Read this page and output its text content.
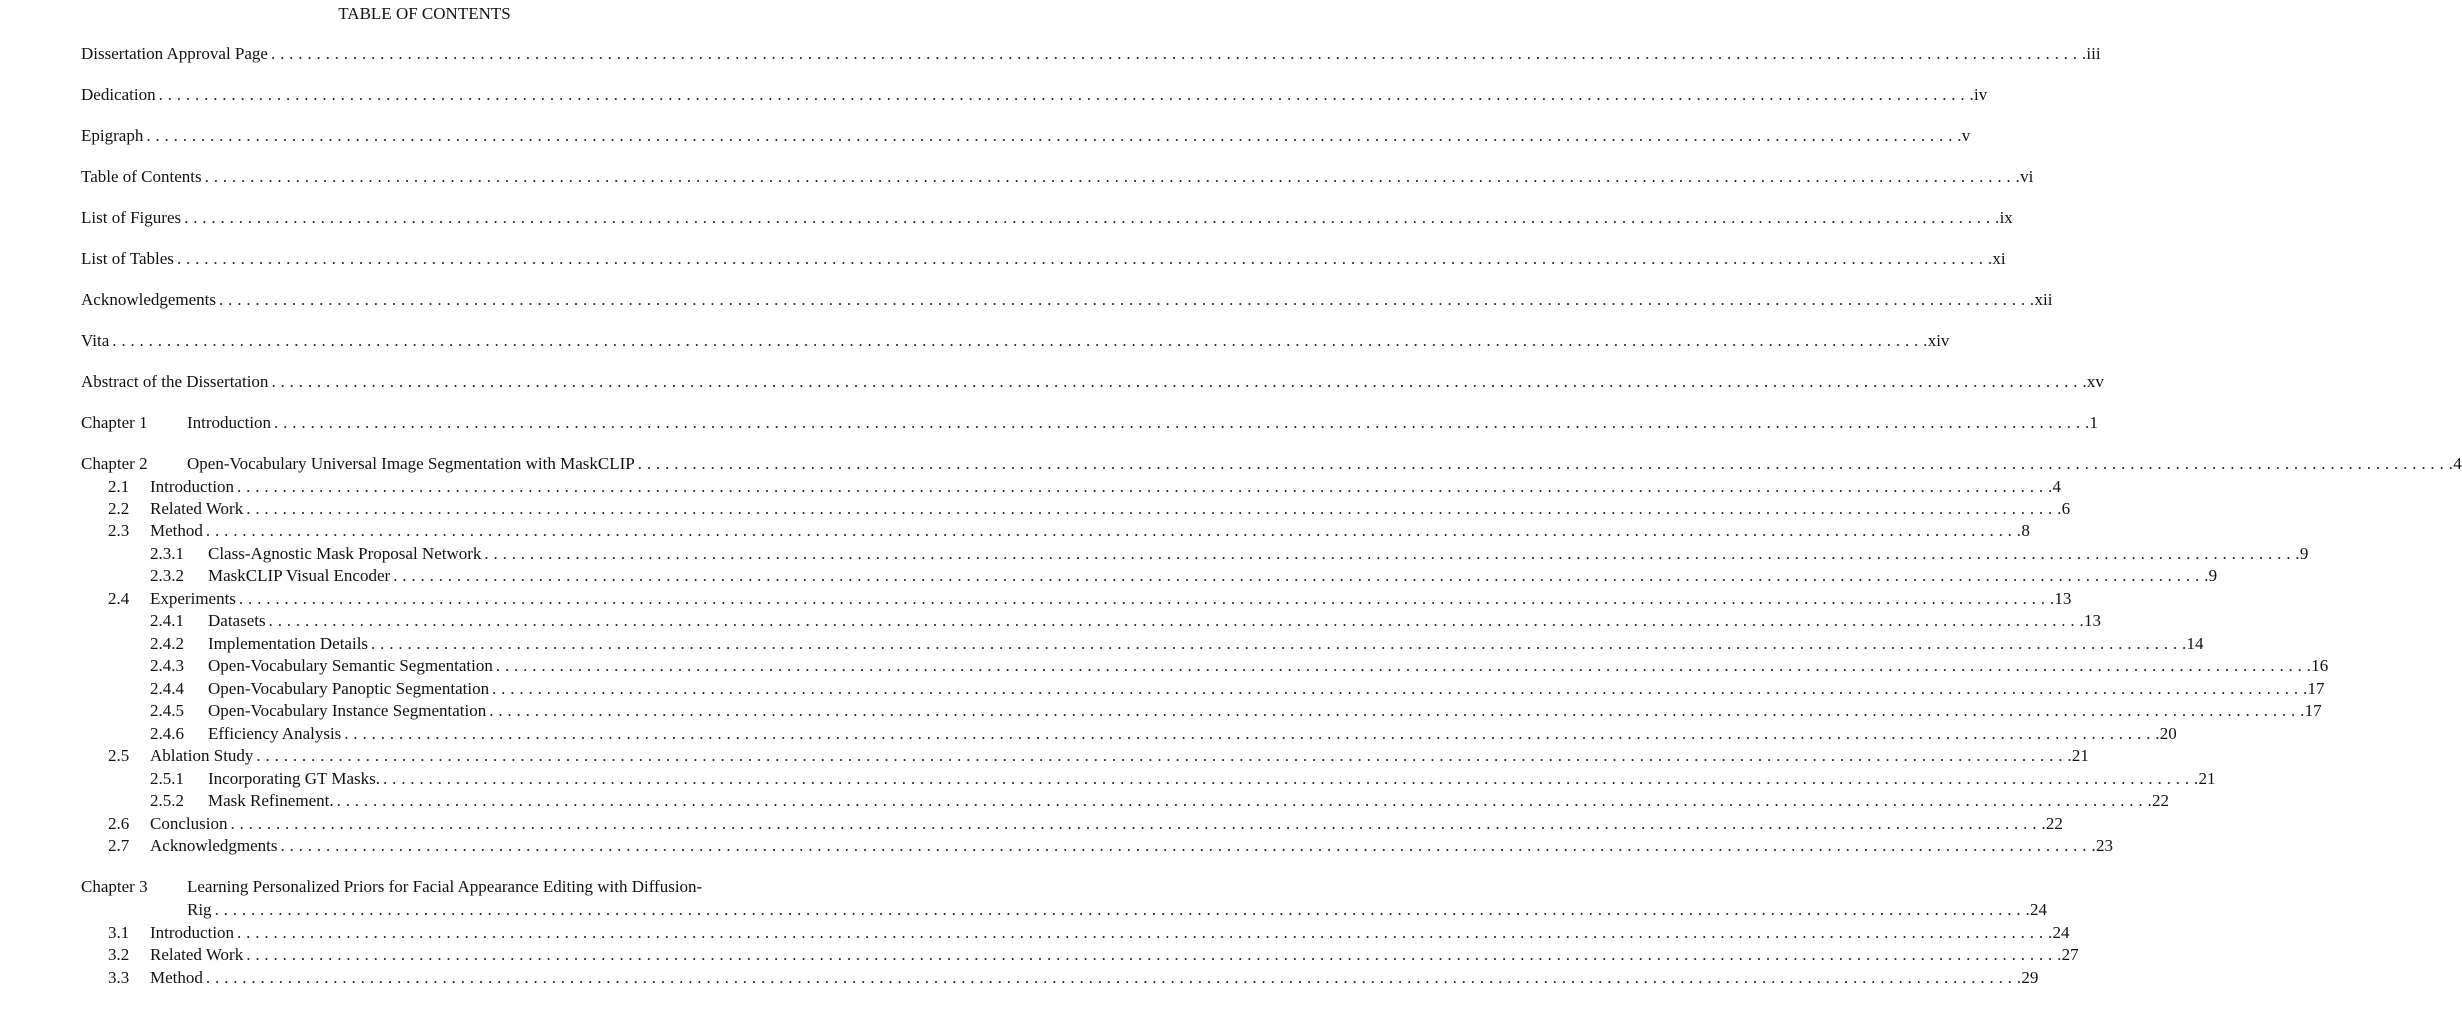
TABLE OF CONTENTS
Dissertation Approval Page . . . . . . . . . . . . . . . . . . . . . . . . . . . . . . . . . . . . . . . . . . . . . . . . . . . . . . . . . . . . . . . . . . . . . . . . . . . . . . . . . . . . . . . . . . . . . . . . . . . . . . . . . . . . . . . . . . . . . . . . . . . . . . . . . . . . . . . . . . . . . . . . . . . . . . . . . . . . . . . . . . . . . . . . . . . . . . . . . . . . . . . . . . . . . . . . . . . . . . . . iii
Dedication . . . . . . . . . . . . . . . . . . . . . . . . . . . . . . . . . . . . . . . . . . . . . . . . . . . . . . . . . . . . . . . . . . . . . . . . . . . . . . . . . . . . . . . . . . . . . . . . . . . . . . . . . . . . . . . . . . . . . . . . . . . . . . . . . . . . . . . . . . . . . . . . . . . . . . . . . . . . . . . . . . . . . . . . . . . . . . . . . . . . . . . . . . . . . . . . . . . . . . . . iv
Epigraph . . . . . . . . . . . . . . . . . . . . . . . . . . . . . . . . . . . . . . . . . . . . . . . . . . . . . . . . . . . . . . . . . . . . . . . . . . . . . . . . . . . . . . . . . . . . . . . . . . . . . . . . . . . . . . . . . . . . . . . . . . . . . . . . . . . . . . . . . . . . . . . . . . . . . . . . . . . . . . . . . . . . . . . . . . . . . . . . . . . . . . . . . . . . . . . . . . . . . . . . v
Table of Contents . . . . . . . . . . . . . . . . . . . . . . . . . . . . . . . . . . . . . . . . . . . . . . . . . . . . . . . . . . . . . . . . . . . . . . . . . . . . . . . . . . . . . . . . . . . . . . . . . . . . . . . . . . . . . . . . . . . . . . . . . . . . . . . . . . . . . . . . . . . . . . . . . . . . . . . . . . . . . . . . . . . . . . . . . . . . . . . . . . . . . . . . . . . . . . . . . . . . . . . . vi
List of Figures . . . . . . . . . . . . . . . . . . . . . . . . . . . . . . . . . . . . . . . . . . . . . . . . . . . . . . . . . . . . . . . . . . . . . . . . . . . . . . . . . . . . . . . . . . . . . . . . . . . . . . . . . . . . . . . . . . . . . . . . . . . . . . . . . . . . . . . . . . . . . . . . . . . . . . . . . . . . . . . . . . . . . . . . . . . . . . . . . . . . . . . . . . . . . . . . . . . . . . . . ix
List of Tables . . . . . . . . . . . . . . . . . . . . . . . . . . . . . . . . . . . . . . . . . . . . . . . . . . . . . . . . . . . . . . . . . . . . . . . . . . . . . . . . . . . . . . . . . . . . . . . . . . . . . . . . . . . . . . . . . . . . . . . . . . . . . . . . . . . . . . . . . . . . . . . . . . . . . . . . . . . . . . . . . . . . . . . . . . . . . . . . . . . . . . . . . . . . . . . . . . . . . . . . xi
Acknowledgements . . . . . . . . . . . . . . . . . . . . . . . . . . . . . . . . . . . . . . . . . . . . . . . . . . . . . . . . . . . . . . . . . . . . . . . . . . . . . . . . . . . . . . . . . . . . . . . . . . . . . . . . . . . . . . . . . . . . . . . . . . . . . . . . . . . . . . . . . . . . . . . . . . . . . . . . . . . . . . . . . . . . . . . . . . . . . . . . . . . . . . . . . . . . . . . . . . . . . . . . xii
Vita . . . . . . . . . . . . . . . . . . . . . . . . . . . . . . . . . . . . . . . . . . . . . . . . . . . . . . . . . . . . . . . . . . . . . . . . . . . . . . . . . . . . . . . . . . . . . . . . . . . . . . . . . . . . . . . . . . . . . . . . . . . . . . . . . . . . . . . . . . . . . . . . . . . . . . . . . . . . . . . . . . . . . . . . . . . . . . . . . . . . . . . . . . . . . . . . . . . . . . . . xiv
Abstract of the Dissertation . . . . . . . . . . . . . . . . . . . . . . . . . . . . . . . . . . . . . . . . . . . . . . . . . . . . . . . . . . . . . . . . . . . . . . . . . . . . . . . . . . . . . . . . . . . . . . . . . . . . . . . . . . . . . . . . . . . . . . . . . . . . . . . . . . . . . . . . . . . . . . . . . . . . . . . . . . . . . . . . . . . . . . . . . . . . . . . . . . . . . . . . . . . . . . . . . . . . . . . . xv
Chapter 1	Introduction . . . . . . . . . . . . . . . . . . . . . . . . . . . . . . . . . . . . . . . . . . . . . . . . . . . . . . . . . . . . . . . . . . . . . . . . . . . . . . . . . . . . . . . . . . . . . . . . . . . . . . . . . . . . . . . . . . . . . . . . . . . . . . . . . . . . . . . . . . . . . . . . . . . . . . . . . . . . . . . . . . . . . . . . . . . . . . . . . . . . . . . . . . . . . . . . . . . . . . . . 1
Chapter 2	Open-Vocabulary Universal Image Segmentation with MaskCLIP . . . . . . . . . . . . . . . . . . . . . . . . . . . . . . . . . . . . . . . . . . . . . . . . . . . . . . . . . . . . . . . . . . . . . . . . . . . . . . . . . . . . . . . . . . . . . . . . . . . . . . . . . . . . . . . . . . . . . . . . . . . . . . . . . . . . . . . . . . . . . . . . . . . . . . . . . . . . . . . . . . . . . . . . . . . . . . . . . . . . . . . . . . . . . . . . . . . . . . . . 4
2.1	Introduction . . . . . . . . . . . . . . . . . . . . . . . . . . . . . . . . . . . . . . . . . . . . . . . . . . . . . . . . . . . . . . . . . . . . . . . . . . . . . . . . . . . . . . . . . . . . . . . . . . . . . . . . . . . . . . . . . . . . . . . . . . . . . . . . . . . . . . . . . . . . . . . . . . . . . . . . . . . . . . . . . . . . . . . . . . . . . . . . . . . . . . . . . . . . . . . . . . . . . . . . 4
2.2	Related Work . . . . . . . . . . . . . . . . . . . . . . . . . . . . . . . . . . . . . . . . . . . . . . . . . . . . . . . . . . . . . . . . . . . . . . . . . . . . . . . . . . . . . . . . . . . . . . . . . . . . . . . . . . . . . . . . . . . . . . . . . . . . . . . . . . . . . . . . . . . . . . . . . . . . . . . . . . . . . . . . . . . . . . . . . . . . . . . . . . . . . . . . . . . . . . . . . . . . . . . . 6
2.3	Method . . . . . . . . . . . . . . . . . . . . . . . . . . . . . . . . . . . . . . . . . . . . . . . . . . . . . . . . . . . . . . . . . . . . . . . . . . . . . . . . . . . . . . . . . . . . . . . . . . . . . . . . . . . . . . . . . . . . . . . . . . . . . . . . . . . . . . . . . . . . . . . . . . . . . . . . . . . . . . . . . . . . . . . . . . . . . . . . . . . . . . . . . . . . . . . . . . . . . . . . 8
2.3.1	Class-Agnostic Mask Proposal Network . . . . . . . . . . . . . . . . . . . . . . . . . . . . . . . . . . . . . . . . . . . . . . . . . . . . . . . . . . . . . . . . . . . . . . . . . . . . . . . . . . . . . . . . . . . . . . . . . . . . . . . . . . . . . . . . . . . . . . . . . . . . . . . . . . . . . . . . . . . . . . . . . . . . . . . . . . . . . . . . . . . . . . . . . . . . . . . . . . . . . . . . . . . . . . . . . . . . . . . . 9
2.3.2	MaskCLIP Visual Encoder . . . . . . . . . . . . . . . . . . . . . . . . . . . . . . . . . . . . . . . . . . . . . . . . . . . . . . . . . . . . . . . . . . . . . . . . . . . . . . . . . . . . . . . . . . . . . . . . . . . . . . . . . . . . . . . . . . . . . . . . . . . . . . . . . . . . . . . . . . . . . . . . . . . . . . . . . . . . . . . . . . . . . . . . . . . . . . . . . . . . . . . . . . . . . . . . . . . . . . . . 9
2.4	Experiments . . . . . . . . . . . . . . . . . . . . . . . . . . . . . . . . . . . . . . . . . . . . . . . . . . . . . . . . . . . . . . . . . . . . . . . . . . . . . . . . . . . . . . . . . . . . . . . . . . . . . . . . . . . . . . . . . . . . . . . . . . . . . . . . . . . . . . . . . . . . . . . . . . . . . . . . . . . . . . . . . . . . . . . . . . . . . . . . . . . . . . . . . . . . . . . . . . . . . . . . 13
2.4.1	Datasets . . . . . . . . . . . . . . . . . . . . . . . . . . . . . . . . . . . . . . . . . . . . . . . . . . . . . . . . . . . . . . . . . . . . . . . . . . . . . . . . . . . . . . . . . . . . . . . . . . . . . . . . . . . . . . . . . . . . . . . . . . . . . . . . . . . . . . . . . . . . . . . . . . . . . . . . . . . . . . . . . . . . . . . . . . . . . . . . . . . . . . . . . . . . . . . . . . . . . . . . 13
2.4.2	Implementation Details . . . . . . . . . . . . . . . . . . . . . . . . . . . . . . . . . . . . . . . . . . . . . . . . . . . . . . . . . . . . . . . . . . . . . . . . . . . . . . . . . . . . . . . . . . . . . . . . . . . . . . . . . . . . . . . . . . . . . . . . . . . . . . . . . . . . . . . . . . . . . . . . . . . . . . . . . . . . . . . . . . . . . . . . . . . . . . . . . . . . . . . . . . . . . . . . . . . . . . . . 14
2.4.3	Open-Vocabulary Semantic Segmentation . . . . . . . . . . . . . . . . . . . . . . . . . . . . . . . . . . . . . . . . . . . . . . . . . . . . . . . . . . . . . . . . . . . . . . . . . . . . . . . . . . . . . . . . . . . . . . . . . . . . . . . . . . . . . . . . . . . . . . . . . . . . . . . . . . . . . . . . . . . . . . . . . . . . . . . . . . . . . . . . . . . . . . . . . . . . . . . . . . . . . . . . . . . . . . . . . . . . . . . . 16
2.4.4	Open-Vocabulary Panoptic Segmentation . . . . . . . . . . . . . . . . . . . . . . . . . . . . . . . . . . . . . . . . . . . . . . . . . . . . . . . . . . . . . . . . . . . . . . . . . . . . . . . . . . . . . . . . . . . . . . . . . . . . . . . . . . . . . . . . . . . . . . . . . . . . . . . . . . . . . . . . . . . . . . . . . . . . . . . . . . . . . . . . . . . . . . . . . . . . . . . . . . . . . . . . . . . . . . . . . . . . . . . . 17
2.4.5	Open-Vocabulary Instance Segmentation . . . . . . . . . . . . . . . . . . . . . . . . . . . . . . . . . . . . . . . . . . . . . . . . . . . . . . . . . . . . . . . . . . . . . . . . . . . . . . . . . . . . . . . . . . . . . . . . . . . . . . . . . . . . . . . . . . . . . . . . . . . . . . . . . . . . . . . . . . . . . . . . . . . . . . . . . . . . . . . . . . . . . . . . . . . . . . . . . . . . . . . . . . . . . . . . . . . . . . . . 17
2.4.6	Efficiency Analysis . . . . . . . . . . . . . . . . . . . . . . . . . . . . . . . . . . . . . . . . . . . . . . . . . . . . . . . . . . . . . . . . . . . . . . . . . . . . . . . . . . . . . . . . . . . . . . . . . . . . . . . . . . . . . . . . . . . . . . . . . . . . . . . . . . . . . . . . . . . . . . . . . . . . . . . . . . . . . . . . . . . . . . . . . . . . . . . . . . . . . . . . . . . . . . . . . . . . . . . . 20
2.5	Ablation Study . . . . . . . . . . . . . . . . . . . . . . . . . . . . . . . . . . . . . . . . . . . . . . . . . . . . . . . . . . . . . . . . . . . . . . . . . . . . . . . . . . . . . . . . . . . . . . . . . . . . . . . . . . . . . . . . . . . . . . . . . . . . . . . . . . . . . . . . . . . . . . . . . . . . . . . . . . . . . . . . . . . . . . . . . . . . . . . . . . . . . . . . . . . . . . . . . . . . . . . . 21
2.5.1	Incorporating GT Masks. . . . . . . . . . . . . . . . . . . . . . . . . . . . . . . . . . . . . . . . . . . . . . . . . . . . . . . . . . . . . . . . . . . . . . . . . . . . . . . . . . . . . . . . . . . . . . . . . . . . . . . . . . . . . . . . . . . . . . . . . . . . . . . . . . . . . . . . . . . . . . . . . . . . . . . . . . . . . . . . . . . . . . . . . . . . . . . . . . . . . . . . . . . . . . . . . . . . . . . . . 21
2.5.2	Mask Refinement. . . . . . . . . . . . . . . . . . . . . . . . . . . . . . . . . . . . . . . . . . . . . . . . . . . . . . . . . . . . . . . . . . . . . . . . . . . . . . . . . . . . . . . . . . . . . . . . . . . . . . . . . . . . . . . . . . . . . . . . . . . . . . . . . . . . . . . . . . . . . . . . . . . . . . . . . . . . . . . . . . . . . . . . . . . . . . . . . . . . . . . . . . . . . . . . . . . . . . . . . 22
2.6	Conclusion . . . . . . . . . . . . . . . . . . . . . . . . . . . . . . . . . . . . . . . . . . . . . . . . . . . . . . . . . . . . . . . . . . . . . . . . . . . . . . . . . . . . . . . . . . . . . . . . . . . . . . . . . . . . . . . . . . . . . . . . . . . . . . . . . . . . . . . . . . . . . . . . . . . . . . . . . . . . . . . . . . . . . . . . . . . . . . . . . . . . . . . . . . . . . . . . . . . . . . . . 22
2.7	Acknowledgments . . . . . . . . . . . . . . . . . . . . . . . . . . . . . . . . . . . . . . . . . . . . . . . . . . . . . . . . . . . . . . . . . . . . . . . . . . . . . . . . . . . . . . . . . . . . . . . . . . . . . . . . . . . . . . . . . . . . . . . . . . . . . . . . . . . . . . . . . . . . . . . . . . . . . . . . . . . . . . . . . . . . . . . . . . . . . . . . . . . . . . . . . . . . . . . . . . . . . . . . 23
Chapter 3	Learning Personalized Priors for Facial Appearance Editing with Diffusion-
Rig . . . . . . . . . . . . . . . . . . . . . . . . . . . . . . . . . . . . . . . . . . . . . . . . . . . . . . . . . . . . . . . . . . . . . . . . . . . . . . . . . . . . . . . . . . . . . . . . . . . . . . . . . . . . . . . . . . . . . . . . . . . . . . . . . . . . . . . . . . . . . . . . . . . . . . . . . . . . . . . . . . . . . . . . . . . . . . . . . . . . . . . . . . . . . . . . . . . . . . . . 24
3.1	Introduction . . . . . . . . . . . . . . . . . . . . . . . . . . . . . . . . . . . . . . . . . . . . . . . . . . . . . . . . . . . . . . . . . . . . . . . . . . . . . . . . . . . . . . . . . . . . . . . . . . . . . . . . . . . . . . . . . . . . . . . . . . . . . . . . . . . . . . . . . . . . . . . . . . . . . . . . . . . . . . . . . . . . . . . . . . . . . . . . . . . . . . . . . . . . . . . . . . . . . . . . 24
3.2	Related Work . . . . . . . . . . . . . . . . . . . . . . . . . . . . . . . . . . . . . . . . . . . . . . . . . . . . . . . . . . . . . . . . . . . . . . . . . . . . . . . . . . . . . . . . . . . . . . . . . . . . . . . . . . . . . . . . . . . . . . . . . . . . . . . . . . . . . . . . . . . . . . . . . . . . . . . . . . . . . . . . . . . . . . . . . . . . . . . . . . . . . . . . . . . . . . . . . . . . . . . . 27
3.3	Method . . . . . . . . . . . . . . . . . . . . . . . . . . . . . . . . . . . . . . . . . . . . . . . . . . . . . . . . . . . . . . . . . . . . . . . . . . . . . . . . . . . . . . . . . . . . . . . . . . . . . . . . . . . . . . . . . . . . . . . . . . . . . . . . . . . . . . . . . . . . . . . . . . . . . . . . . . . . . . . . . . . . . . . . . . . . . . . . . . . . . . . . . . . . . . . . . . . . . . . . 29
